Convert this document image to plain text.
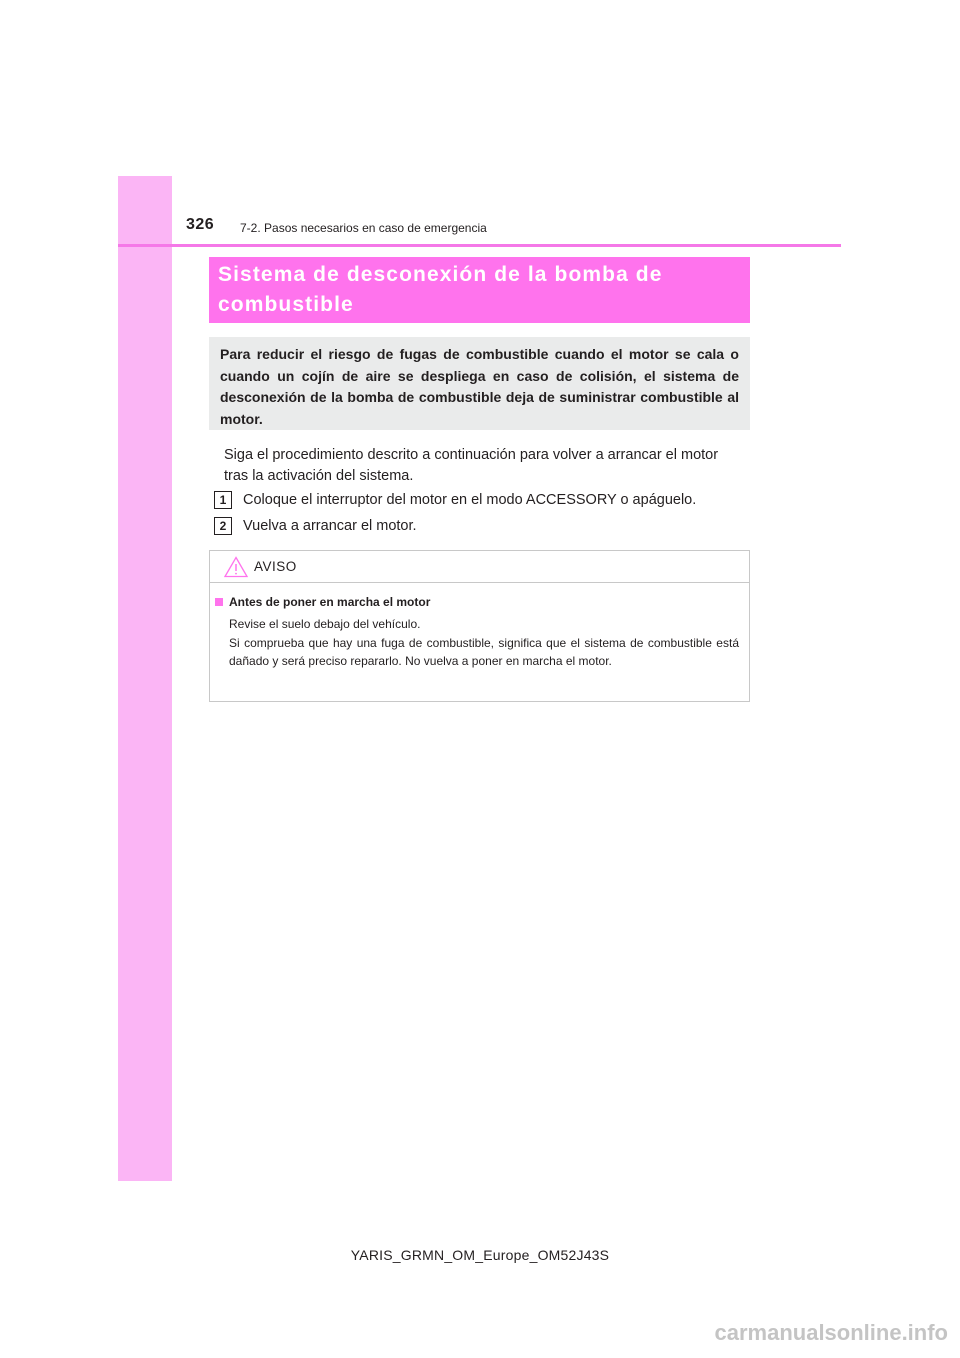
326 7-2. Pasos necesarios en caso de emergencia

Sistema de desconexión de la bomba de

combustible

Para reducir el riesgo de fugas de combustible cuando el motor se cala o cuando un cojín de aire se despliega en caso de colisión, el sistema de desconexión de la bomba de combustible deja de suministrar combustible al motor.

Siga el procedimiento descrito a continuación para volver a arrancar el motor
tras la activación del sistema.
1	Coloque el interruptor del motor en el modo ACCESSORY o apáguelo.
2	Vuelva a arrancar el motor.
AVISO
Antes de poner en marcha el motor

Revise el suelo debajo del vehículo.

Si comprueba que hay una fuga de combustible, significa que el sistema de combustible está dañado y será preciso repararlo. No vuelva a poner en marcha el motor.

YARIS_GRMN_OM_Europe_OM52J43S
carmanualsonline.info
